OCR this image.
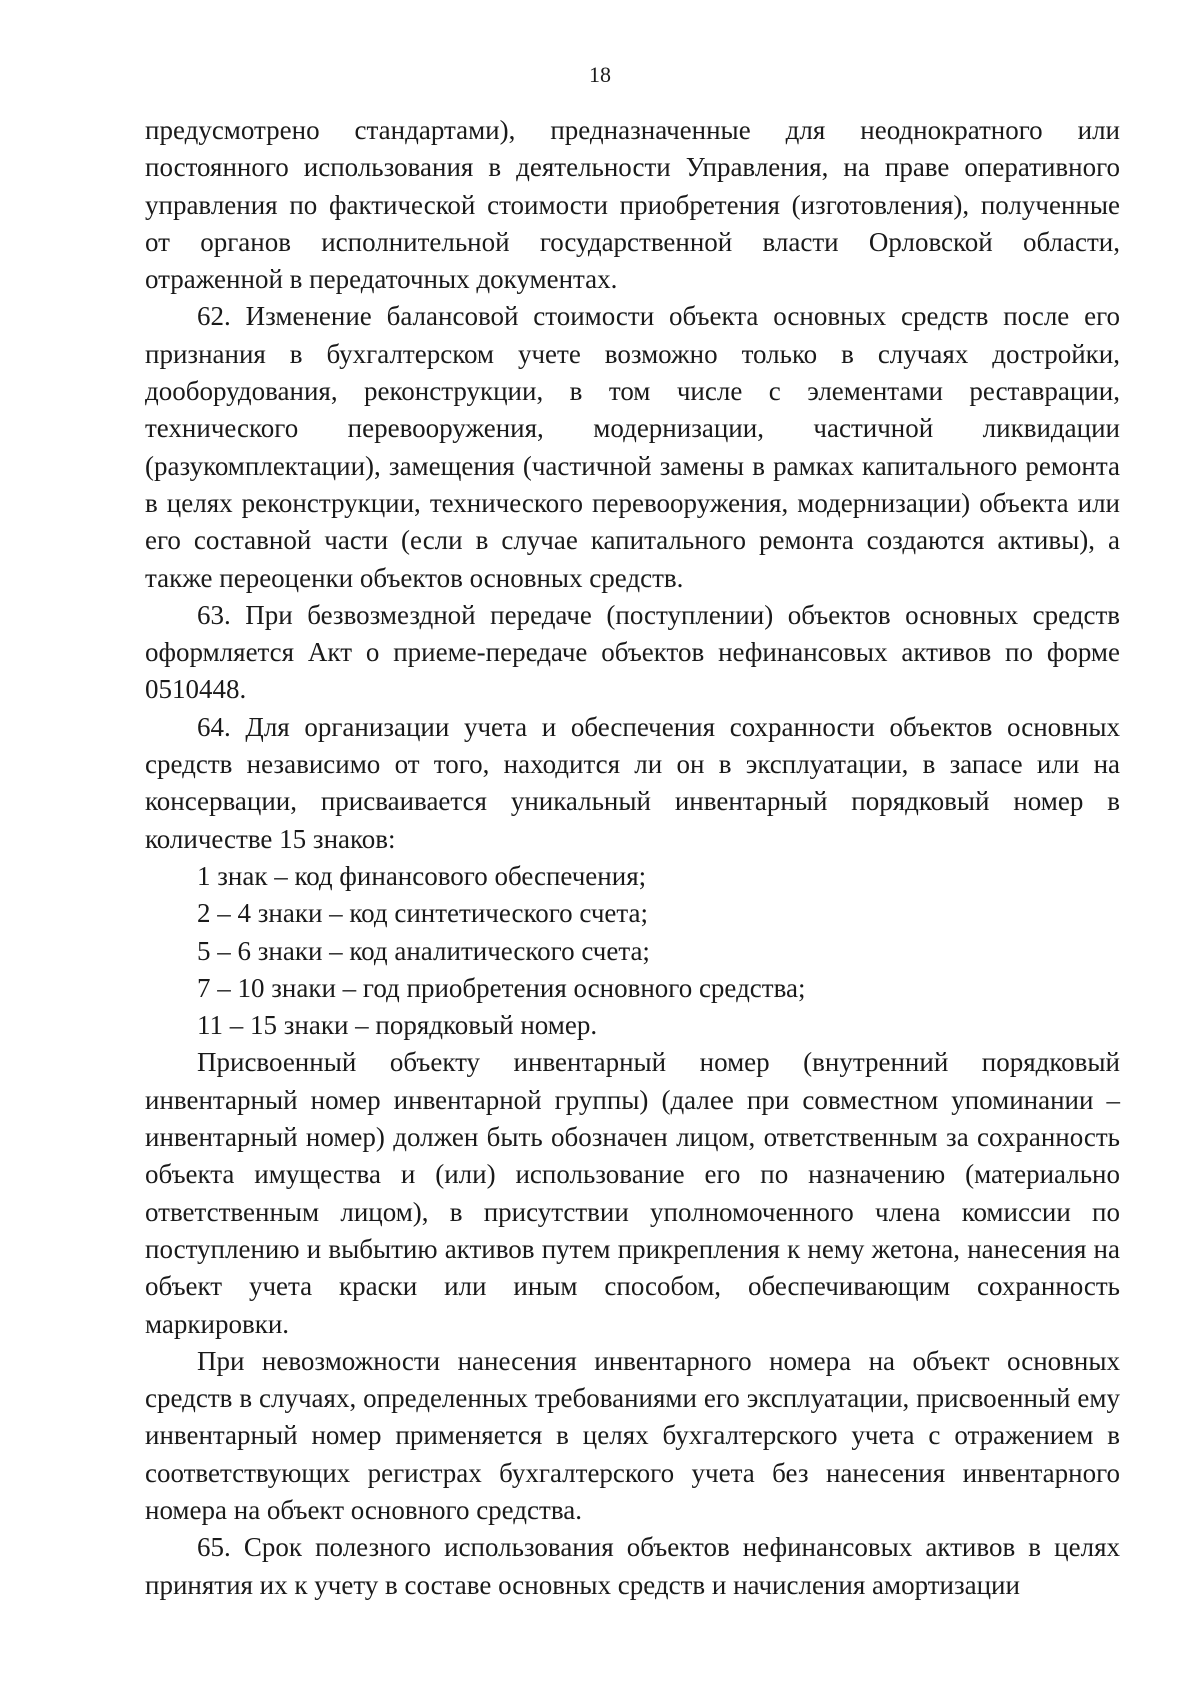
18

предусмотрено стандартами), предназначенные для неоднократного или постоянного использования в деятельности Управления, на праве оперативного управления по фактической стоимости приобретения (изготовления), полученные от органов исполнительной государственной власти Орловской области, отраженной в передаточных документах.

62. Изменение балансовой стоимости объекта основных средств после его признания в бухгалтерском учете возможно только в случаях достройки, дооборудования, реконструкции, в том числе с элементами реставрации, технического перевооружения, модернизации, частичной ликвидации (разукомплектации), замещения (частичной замены в рамках капитального ремонта в целях реконструкции, технического перевооружения, модернизации) объекта или его составной части (если в случае капитального ремонта создаются активы), а также переоценки объектов основных средств.

63. При безвозмездной передаче (поступлении) объектов основных средств оформляется Акт о приеме-передаче объектов нефинансовых активов по форме 0510448.

64. Для организации учета и обеспечения сохранности объектов основных средств независимо от того, находится ли он в эксплуатации, в запасе или на консервации, присваивается уникальный инвентарный порядковый номер в количестве 15 знаков:

1 знак – код финансового обеспечения;

2 – 4 знаки – код синтетического счета;

5 – 6 знаки – код аналитического счета;

7 – 10 знаки – год приобретения основного средства;

11 – 15 знаки – порядковый номер.

Присвоенный объекту инвентарный номер (внутренний порядковый инвентарный номер инвентарной группы) (далее при совместном упоминании – инвентарный номер) должен быть обозначен лицом, ответственным за сохранность объекта имущества и (или) использование его по назначению (материально ответственным лицом), в присутствии уполномоченного члена комиссии по поступлению и выбытию активов путем прикрепления к нему жетона, нанесения на объект учета краски или иным способом, обеспечивающим сохранность маркировки.

При невозможности нанесения инвентарного номера на объект основных средств в случаях, определенных требованиями его эксплуатации, присвоенный ему инвентарный номер применяется в целях бухгалтерского учета с отражением в соответствующих регистрах бухгалтерского учета без нанесения инвентарного номера на объект основного средства.

65. Срок полезного использования объектов нефинансовых активов в целях принятия их к учету в составе основных средств и начисления амортизации
